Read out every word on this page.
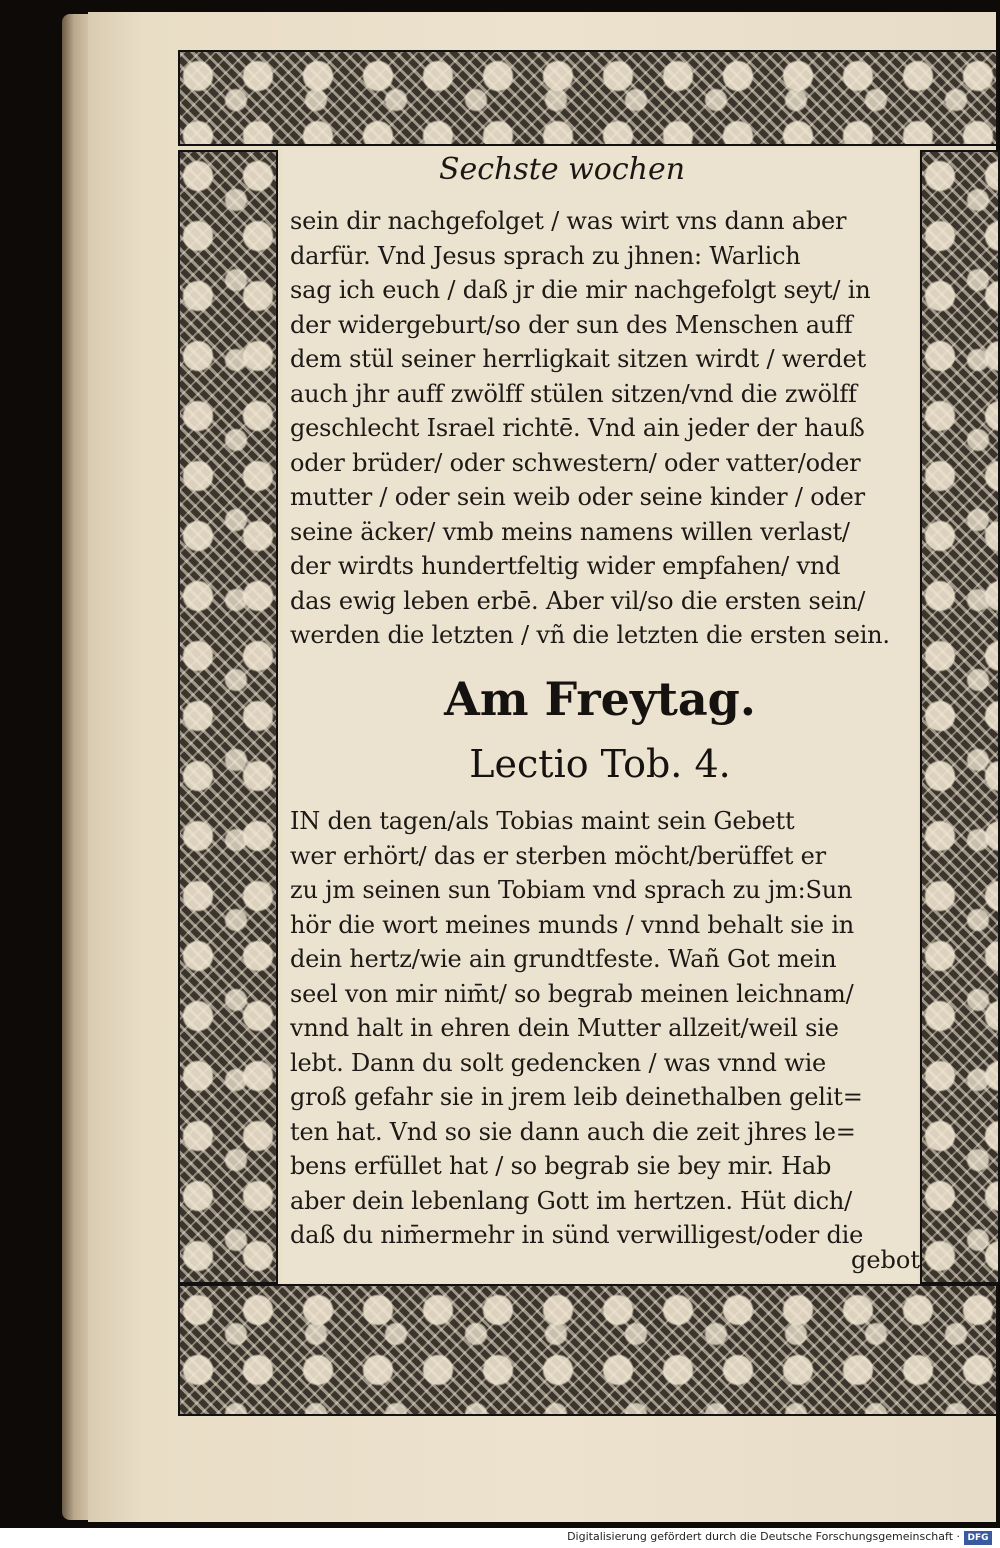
Sechste wochen
sein dir nachgefolget / was wirt vns dann aber
darfür. Vnd Jesus sprach zu jhnen: Warlich
sag ich euch / daß jr die mir nachgefolgt seyt/ in
der widergeburt/so der sun des Menschen auff
dem stül seiner herrligkait sitzen wirdt / werdet
auch jhr auff zwölff stülen sitzen/vnd die zwölff
geschlecht Israel richtē. Vnd ain jeder der hauß
oder brüder/ oder schwestern/ oder vatter/oder
mutter / oder sein weib oder seine kinder / oder
seine äcker/ vmb meins namens willen verlast/
der wirdts hundertfeltig wider empfahen/ vnd
das ewig leben erbē. Aber vil/so die ersten sein/
werden die letzten / vñ die letzten die ersten sein.
Am Freytag.
Lectio Tob. 4.
IN den tagen/als Tobias maint sein Gebett
wer erhört/ das er sterben möcht/berüffet er
zu jm seinen sun Tobiam vnd sprach zu jm:Sun
hör die wort meines munds / vnnd behalt sie in
dein hertz/wie ain grundtfeste. Wañ Got mein
seel von mir nim̄t/ so begrab meinen leichnam/
vnnd halt in ehren dein Mutter allzeit/weil sie
lebt. Dann du solt gedencken / was vnnd wie
groß gefahr sie in jrem leib deinethalben gelit=
ten hat. Vnd so sie dann auch die zeit jhres le=
bens erfüllet hat / so begrab sie bey mir. Hab
aber dein lebenlang Gott im hertzen. Hüt dich/
daß du nim̄ermehr in sünd verwilligest/oder die
gebot
Digitalisierung gefördert durch die Deutsche Forschungsgemeinschaft · DFG
